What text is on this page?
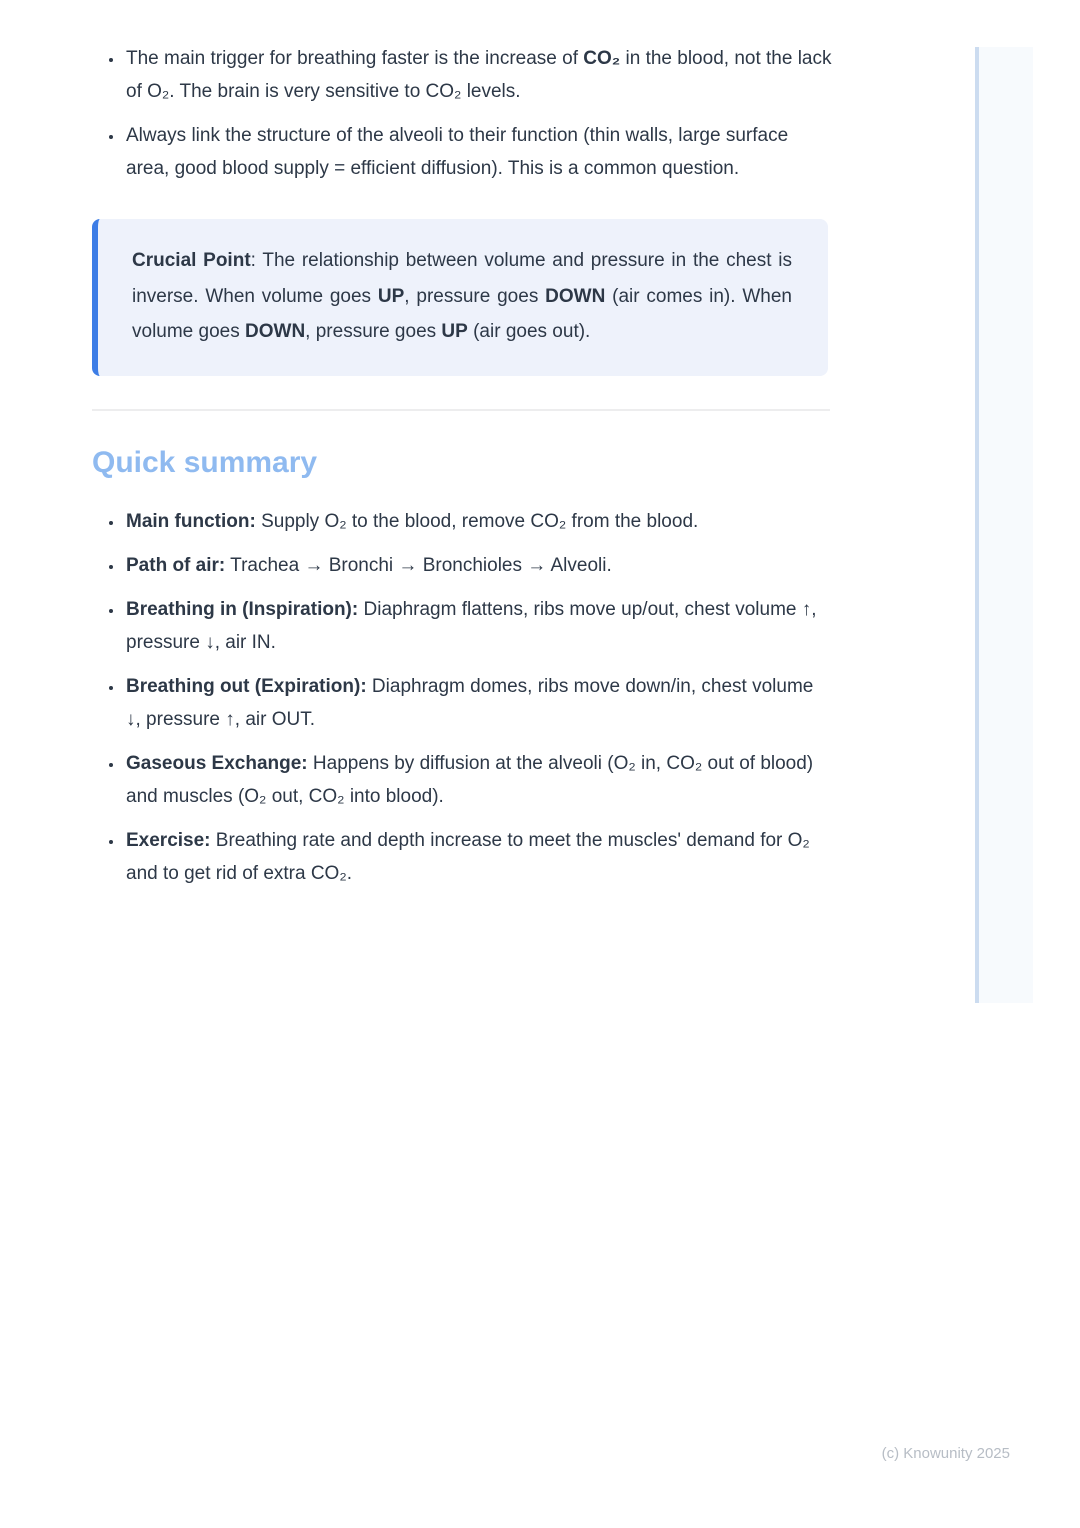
• The main trigger for breathing faster is the increase of CO₂ in the blood, not the lack of O₂. The brain is very sensitive to CO₂ levels.
• Always link the structure of the alveoli to their function (thin walls, large surface area, good blood supply = efficient diffusion). This is a common question.

Crucial Point: The relationship between volume and pressure in the chest is inverse. When volume goes UP, pressure goes DOWN (air comes in). When volume goes DOWN, pressure goes UP (air goes out).

Quick summary
• Main function: Supply O₂ to the blood, remove CO₂ from the blood.
• Path of air: Trachea → Bronchi → Bronchioles → Alveoli.
• Breathing in (Inspiration): Diaphragm flattens, ribs move up/out, chest volume ↑, pressure ↓, air IN.
• Breathing out (Expiration): Diaphragm domes, ribs move down/in, chest volume ↓, pressure ↑, air OUT.
• Gaseous Exchange: Happens by diffusion at the alveoli (O₂ in, CO₂ out of blood) and muscles (O₂ out, CO₂ into blood).
• Exercise: Breathing rate and depth increase to meet the muscles' demand for O₂ and to get rid of extra CO₂.
(c) Knowunity 2025
